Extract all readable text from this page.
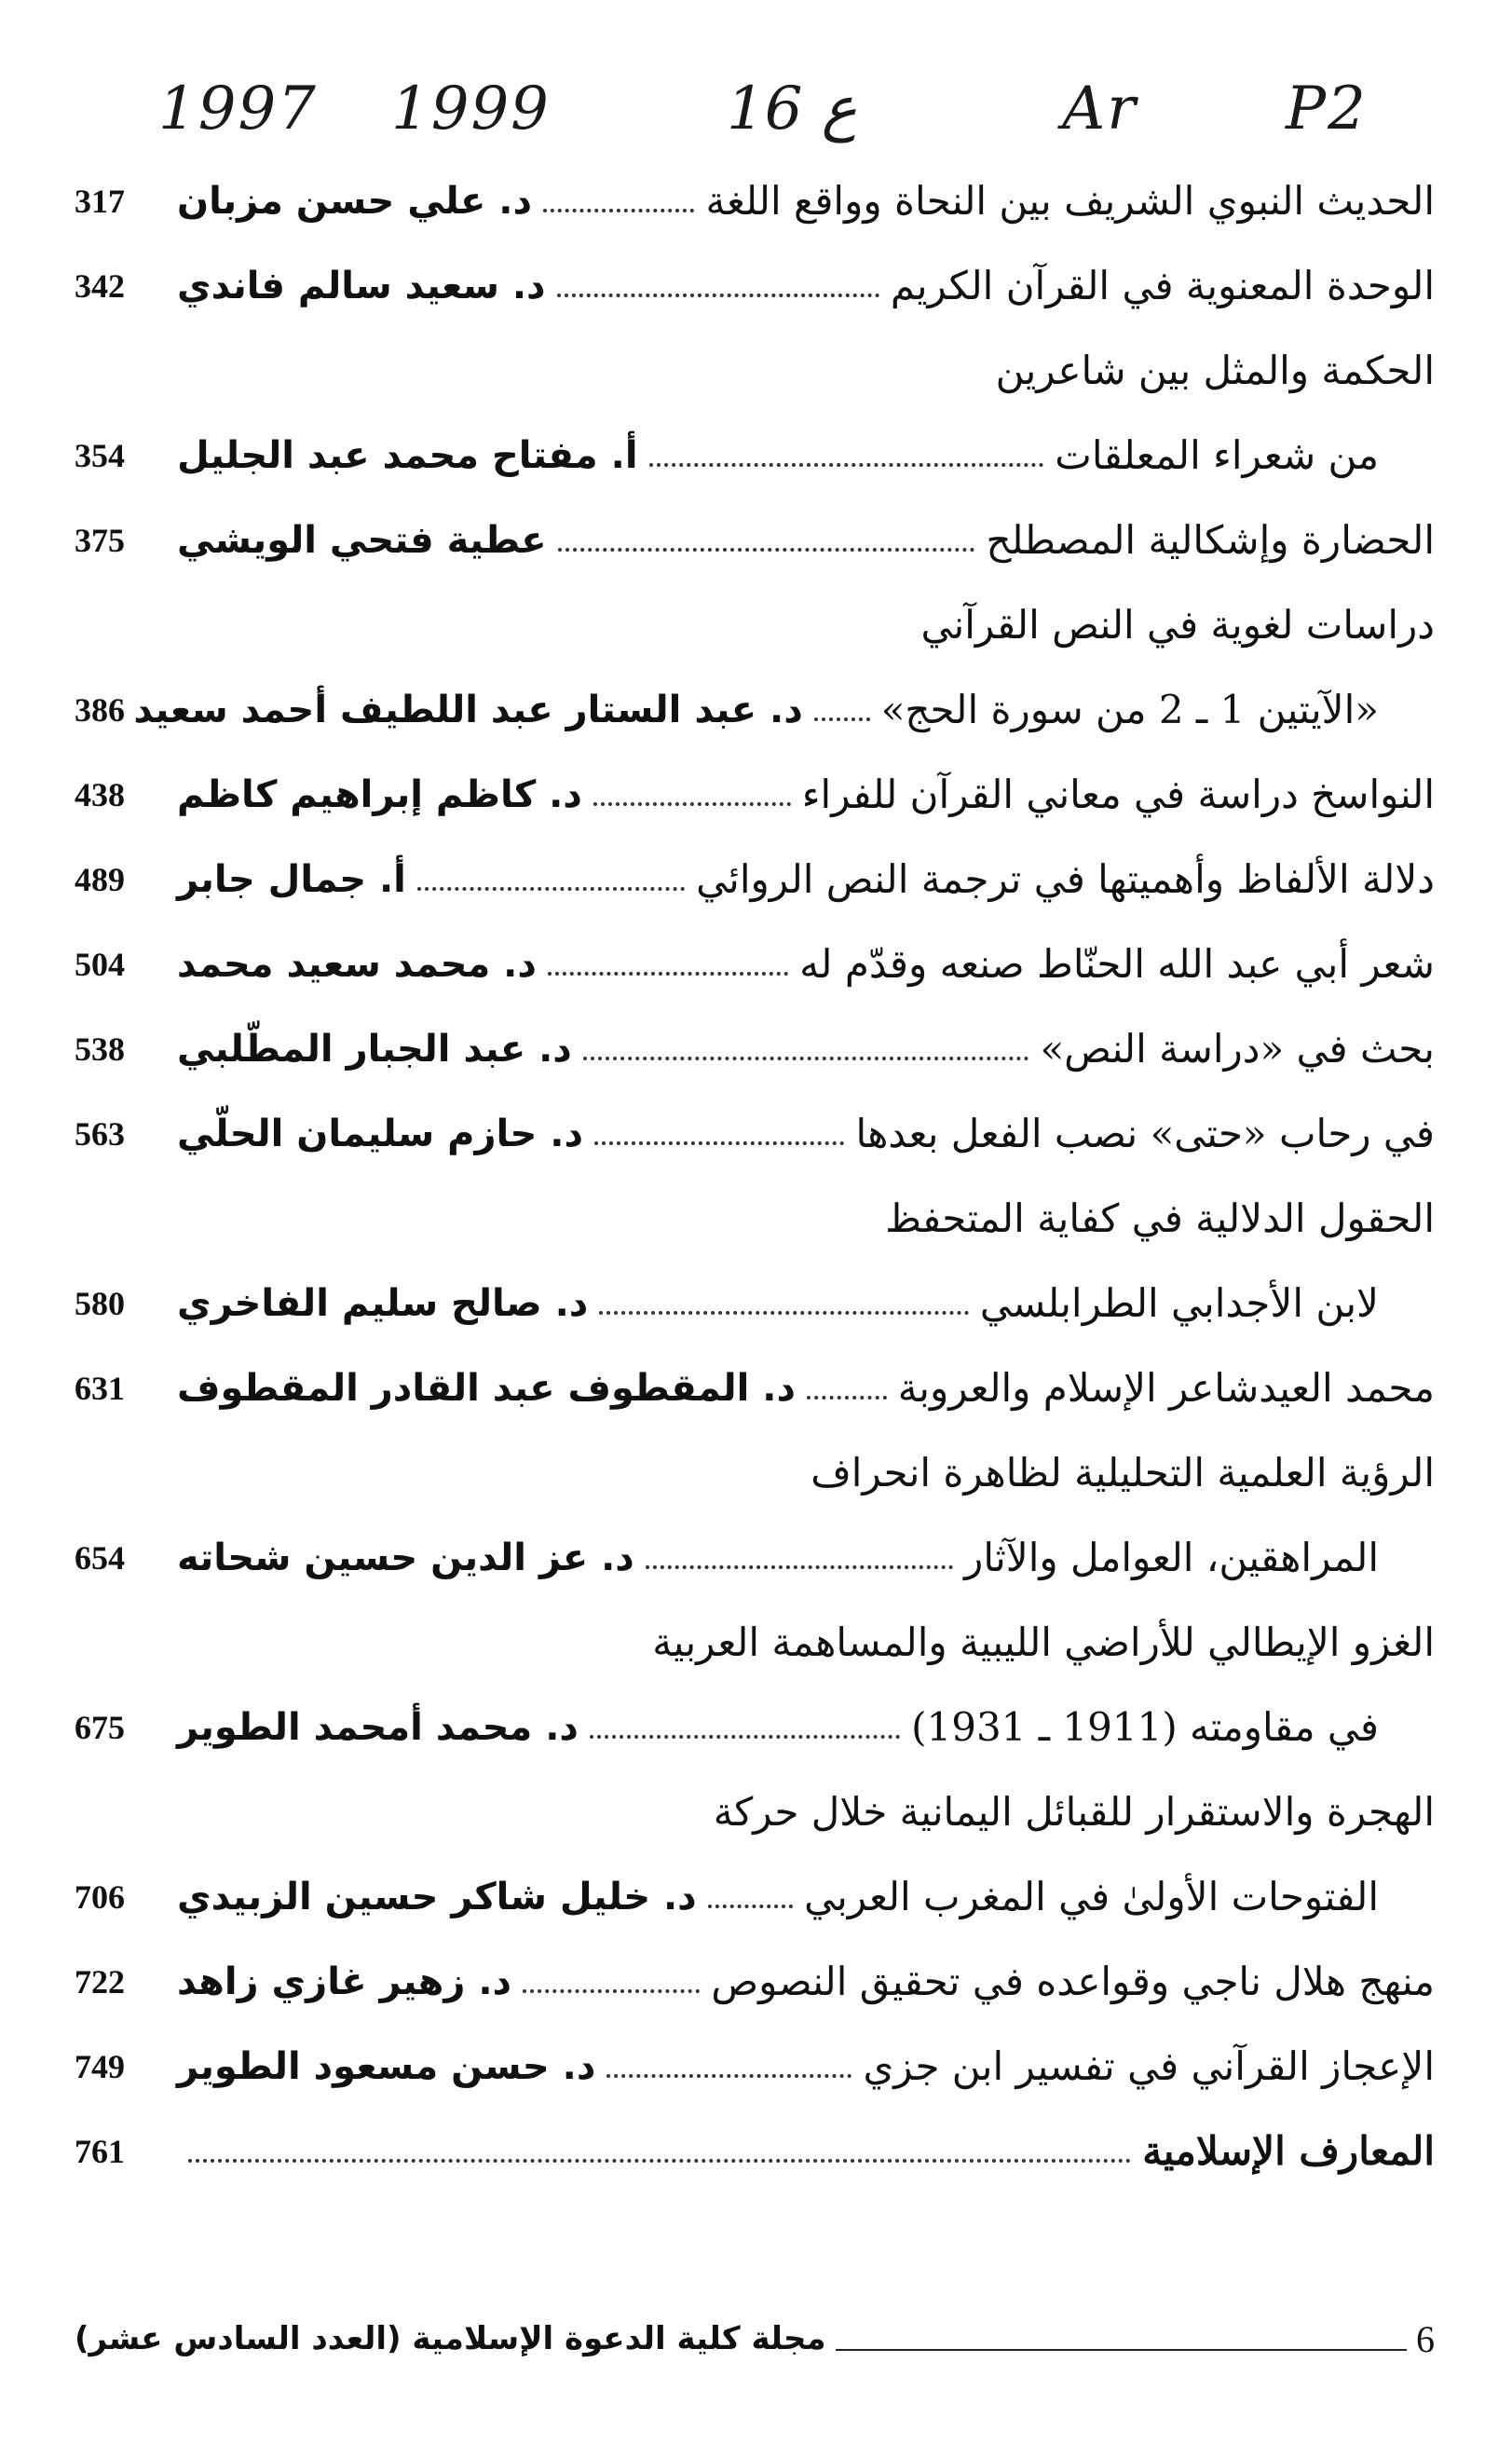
P2
Ar
16 ع
1999
1997
الحديث النبوي الشريف بين النحاة وواقع اللغة
د. علي حسن مزبان
317
الوحدة المعنوية في القرآن الكريم
د. سعيد سالم فاندي
342
الحكمة والمثل بين شاعرين
من شعراء المعلقات
أ. مفتاح محمد عبد الجليل
354
الحضارة وإشكالية المصطلح
عطية فتحي الويشي
375
دراسات لغوية في النص القرآني
«الآيتين 1 ـ 2 من سورة الحج»
د. عبد الستار عبد اللطيف أحمد سعيد
386
النواسخ دراسة في معاني القرآن للفراء
د. كاظم إبراهيم كاظم
438
دلالة الألفاظ وأهميتها في ترجمة النص الروائي
أ. جمال جابر
489
شعر أبي عبد الله الحنّاط صنعه وقدّم له
د. محمد سعيد محمد
504
بحث في «دراسة النص»
د. عبد الجبار المطّلبي
538
في رحاب «حتى» نصب الفعل بعدها
د. حازم سليمان الحلّي
563
الحقول الدلالية في كفاية المتحفظ
لابن الأجدابي الطرابلسي
د. صالح سليم الفاخري
580
محمد العيدشاعر الإسلام والعروبة
د. المقطوف عبد القادر المقطوف
631
الرؤية العلمية التحليلية لظاهرة انحراف
المراهقين، العوامل والآثار
د. عز الدين حسين شحاته
654
الغزو الإيطالي للأراضي الليبية والمساهمة العربية
في مقاومته (1911 ـ 1931)
د. محمد أمحمد الطوير
675
الهجرة والاستقرار للقبائل اليمانية خلال حركة
الفتوحات الأولىٰ في المغرب العربي
د. خليل شاكر حسين الزبيدي
706
منهج هلال ناجي وقواعده في تحقيق النصوص
د. زهير غازي زاهد
722
الإعجاز القرآني في تفسير ابن جزي
د. حسن مسعود الطوير
749
المعارف الإسلامية
761
6
مجلة كلية الدعوة الإسلامية (العدد السادس عشر)
